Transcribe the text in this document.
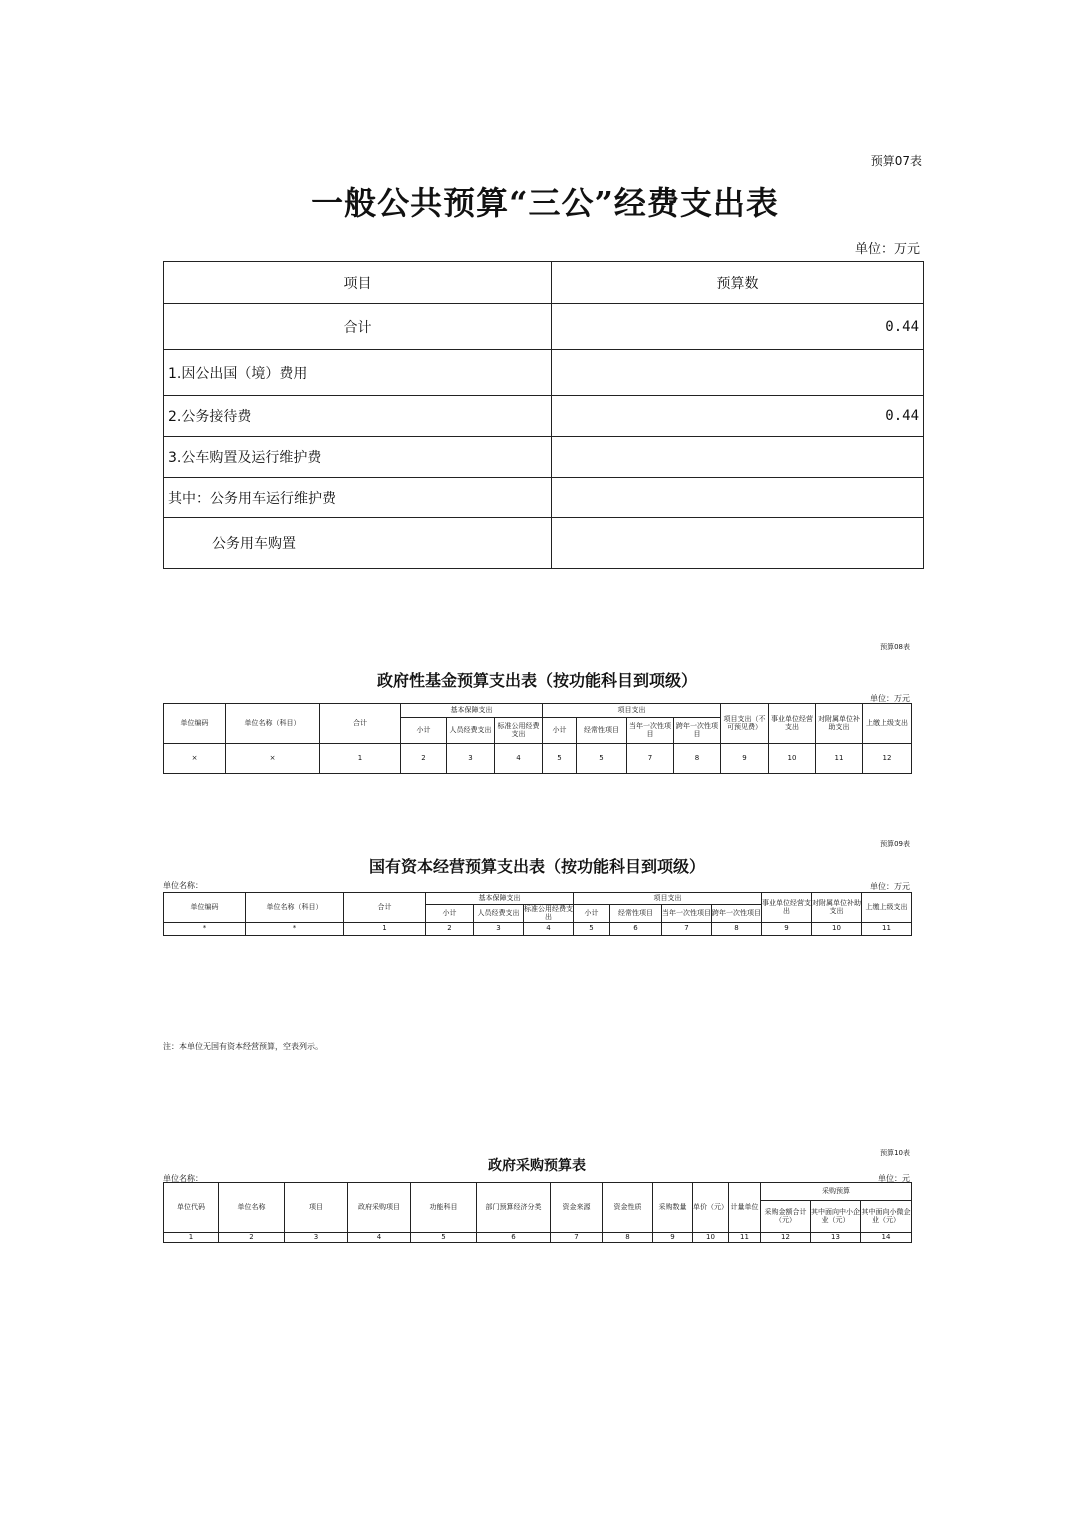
预算07表
一般公共预算“三公”经费支出表
单位：万元
项目	预算数
合计	0.44
1.因公出国（境）费用	
2.公务接待费	0.44
3.公车购置及运行维护费	
其中：公务用车运行维护费	
公务用车购置	
预算08表
政府性基金预算支出表（按功能科目到项级）
单位：万元
单位编码	单位名称（科目）	合计	基本保障支出			项目支出				项目支出（不可预见费）	事业单位经营支出	对附属单位补助支出	上缴上级支出
			小计	人员经费支出	标准公用经费支出	小计	经常性项目	当年一次性项目	跨年一次性项目				
×	×	1	2	3	4	5	5	7	8	9	10	11	12
预算09表
国有资本经营预算支出表（按功能科目到项级）
单位名称：	单位：万元
单位编码	单位名称（科目）	合计	基本保障支出			项目支出				事业单位经营支出	对附属单位补助支出	上缴上级支出
			小计	人员经费支出	标准公用经费支出	小计	经常性项目	当年一次性项目	跨年一次性项目			
*	*	1	2	3	4	5	6	7	8	9	10	11
注：本单位无国有资本经营预算，空表列示。
预算10表
政府采购预算表
单位名称：	单位：元
单位代码	单位名称	项目	政府采购项目	功能科目	部门预算经济分类	资金来源	资金性质	采购数量	单价（元）	计量单位	采购预算		
											采购金额合计（元）	其中面向中小企业（元）	其中面向小微企业（元）
1	2	3	4	5	6	7	8	9	10	11	12	13	14
